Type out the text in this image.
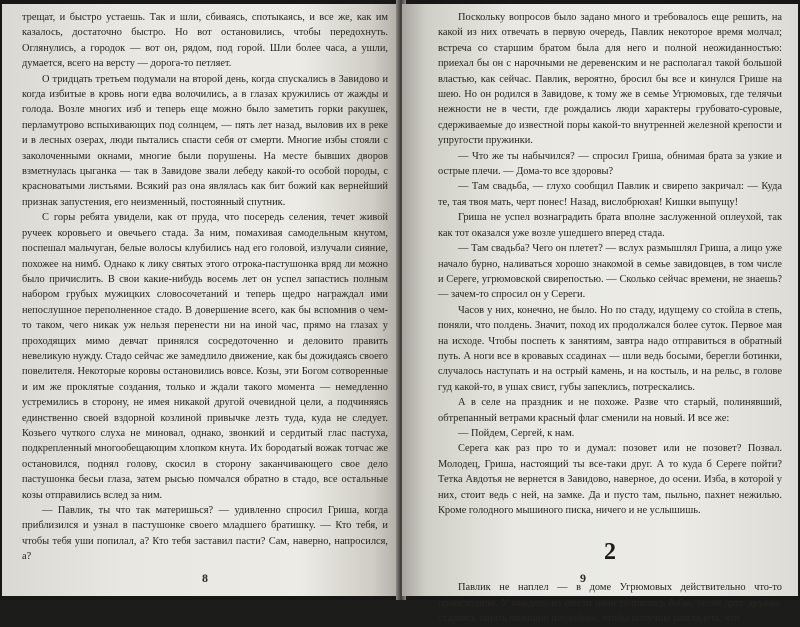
трещат, и быстро устаешь. Так и шли, сбиваясь, спотыкаясь, и все же, как им казалось, достаточно быстро. Но вот остановились, чтобы передохнуть. Оглянулись, а городок — вот он, рядом, под горой. Шли более часа, а ушли, думается, всего на версту — дорога-то петляет.

О тридцать третьем подумали на второй день, когда спускались в Завидово и когда избитые в кровь ноги едва волочились, а в глазах кружились от жажды и голода. Возле многих изб и теперь еще можно было заметить горки ракушек, перламутрово вспыхивающих под солнцем, — пять лет назад, выловив их в реке и в лесных озерах, люди пытались спасти себя от смерти. Многие избы стояли с заколоченными окнами, многие были порушены. На месте бывших дворов взметнулась цыганка — так в Завидове звали лебеду какой-то особой породы, с красноватыми листьями. Всякий раз она являлась как бит божий как вернейший признак запустения, его неизменный, постоянный спутник.

С горы ребята увидели, как от пруда, что посередь селения, течет живой ручеек коровьего и овечьего стада. За ним, помахивая самодельным кнутом, поспешал мальчуган, белые волосы клубились над его головой, излучали сияние, похожее на нимб. Однако к лику святых этого отрока-пастушонка вряд ли можно было причислить. В свои какие-нибудь восемь лет он успел запастись полным набором грубых мужицких словосочетаний и теперь щедро награждал ими непослушное переполненное стадо. В довершение всего, как бы вспомнив о чем-то таком, чего никак уж нельзя перенести ни на иной час, прямо на глазах у проходящих мимо девчат принялся сосредоточенно и деловито править невеликую нужду. Стадо сейчас же замедлило движение, как бы дожидаясь своего повелителя. Некоторые коровы остановились вовсе. Козы, эти Богом сотворенные и им же проклятые создания, только и ждали такого момента — немедленно устремились в сторону, не имея никакой другой очевидной цели, а подчиняясь единственно своей вздорной козлиной привычке лезть туда, куда не следует. Козьего чуткого слуха не миновал, однако, звонкий и сердитый глас пастуха, подкрепленный многообещающим хлопком кнута. Их бородатый вожак тотчас же остановился, поднял голову, скосил в сторону заканчивающего свое дело пастушонка бесьи глаза, затем рысью помчался обратно в стадо, все остальные козы отправились вслед за ним.

— Павлик, ты что так материшься? — удивленно спросил Гриша, когда приблизился и узнал в пастушонке своего младшего братишку. — Кто тебя, и чтобы тебя уши попилал, а? Кто тебя заставил пасти? Сам, наверно, напросился, а?

8

Поскольку вопросов было задано много и требовалось еще решить, на какой из них отвечать в первую очередь, Павлик некоторое время молчал; встреча со старшим братом была для него и полной неожиданностью: приехал бы он с нарочными не деревенским и не располагал такой большой властью, как сейчас. Павлик, вероятно, бросил бы все и кинулся Грише на шею. Но он родился в Завидове, к тому же в семье Угрюмовых, где телячьи нежности не в чести, где рождались люди характеры грубовато-суровые, сдерживаемые до известной поры какой-то внутренней железной крепости и упругости пружинки.

— Что же ты набычился? — спросил Гриша, обнимая брата за узкие и острые плечи. — Дома-то все здоровы?

— Там свадьба, — глухо сообщил Павлик и свирепо закричал: — Куда те, тая твоя мать, черт понес! Назад, вислобрюхая! Кишки выпущу!

Гриша не успел вознаградить брата вполне заслуженной оплеухой, так как тот оказался уже возле ушедшего вперед стада.

— Там свадьба? Чего он плетет? — вслух размышлял Гриша, а лицо уже начало бурно, наливаться хорошо знакомой в семье завидовцев, в том числе и Сереге, угрюмовской свирепостью. — Сколько сейчас времени, не знаешь? — зачем-то спросил он у Сереги.

Часов у них, конечно, не было. Но по стаду, идущему со стойла в степь, поняли, что полдень. Значит, поход их продолжался более суток. Первое мая на исходе. Чтобы поспеть к занятиям, завтра надо отправиться в обратный путь. А ноги все в кровавых ссадинах — шли ведь босыми, берегли ботинки, случалось наступать и на острый камень, и на костыль, и на рельс, в голове гуд какой-то, в ушах свист, губы запеклись, потрескались.

А в селе на праздник и не похоже. Разве что старый, полинявший, обтрепанный ветрами красный флаг сменили на новый. И все же:

— Пойдем, Сергей, к нам.

Серега как раз про то и думал: позовет или не позовет? Позвал. Молодец, Гриша, настоящий ты все-таки друг. А то куда б Сереге пойти? Тетка Авдотья не вернется в Завидово, наверное, до осени. Изба, в которой у них, стоит ведь с ней, на замке. Да и пусто там, пыльно, пахнет нежилью. Кроме голодного мышиного писка, ничего и не услышишь.

2

Павлик не наплел — в доме Угрюмовых действительно что-то происходило. У каждого из шести окон толпились бабы, тесня друг дружку, стараясь занять позицию поудобнее, чтобы получше разглядеть, что

9
